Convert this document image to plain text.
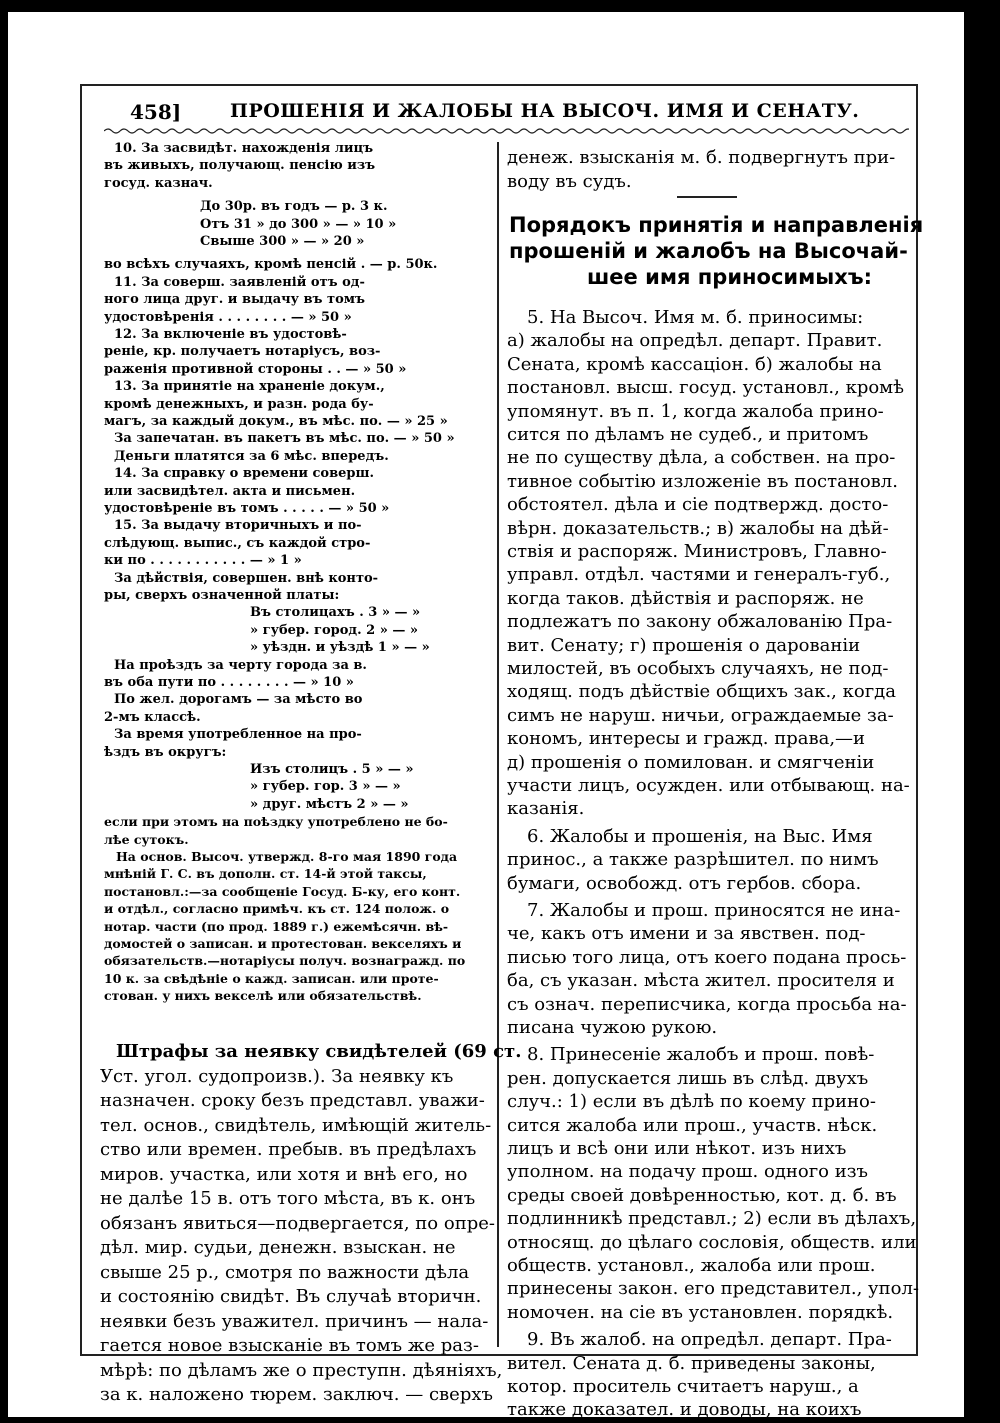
458]	ПРОШЕНІЯ И ЖАЛОБЫ НА ВЫСОЧ. ИМЯ И СЕНАТУ.
10. За засвидѣт. нахожденія лицъ
въ живыхъ, получающ. пенсію изъ
госуд. казнач.
До 30р. въ годъ — р. 3 к.
Отъ 31 » до 300 » — » 10 »
Свыше 300 » — » 20 »
во всѣхъ случаяхъ, кромѣ пенсій . — р. 50к.
11. За соверш. заявленій отъ од-
ного лица друг. и выдачу въ томъ
удостовѣренія . . . . . . . . — » 50 »
12. За включеніе въ удостовѣ-
реніе, кр. получаетъ нотаріусъ, воз-
раженія противной стороны . . — » 50 »
13. За принятіе на храненіе докум.,
кромѣ денежныхъ, и разн. рода бу-
магъ, за каждый докум., въ мѣс. по. — » 25 »
За запечатан. въ пакетъ въ мѣс. по. — » 50 »
Деньги платятся за 6 мѣс. впередъ.
14. За справку о времени соверш.
или засвидѣтел. акта и письмен.
удостовѣреніе въ томъ . . . . . — » 50 »
15. За выдачу вторичныхъ и по-
слѣдующ. выпис., съ каждой стро-
ки по . . . . . . . . . . . — » 1 »
За дѣйствія, совершен. внѣ конто-
ры, сверхъ означенной платы:
Въ столицахъ . 3 » — »
» губер. город. 2 » — »
» уѣздн. и уѣздѣ 1 » — »
На проѣздъ за черту города за в.
въ оба пути по . . . . . . . . — » 10 »
По жел. дорогамъ — за мѣсто во
2-мъ классѣ.
За время употребленное на про-
ѣздъ въ округъ:
Изъ столицъ . 5 » — »
» губер. гор. 3 » — »
» друг. мѣстъ 2 » — »
если при этомъ на поѣздку употреблено не бо-
лѣе сутокъ.
На основ. Высоч. утвержд. 8-го мая 1890 года
мнѣній Г. С. въ дополн. ст. 14-й этой таксы,
постановл.:—за сообщеніе Госуд. Б-ку, его конт.
и отдѣл., согласно примѣч. къ ст. 124 полож. о
нотар. части (по прод. 1889 г.) ежемѣсячн. вѣ-
домостей о записан. и протестован. векселяхъ и
обязательств.—нотаріусы получ. вознагражд. по
10 к. за свѣдѣніе о кажд. записан. или проте-
стован. у нихъ векселѣ или обязательствѣ.
Штрафы за неявку свидѣтелей (69 ст.
Уст. угол. судопроизв.). За неявку къ
назначен. сроку безъ представл. уважи-
тел. основ., свидѣтель, имѣющій житель-
ство или времен. пребыв. въ предѣлахъ
миров. участка, или хотя и внѣ его, но
не далѣе 15 в. отъ того мѣста, въ к. онъ
обязанъ явиться—подвергается, по опре-
дѣл. мир. судьи, денежн. взыскан. не
свыше 25 р., смотря по важности дѣла
и состоянію свидѣт. Въ случаѣ вторичн.
неявки безъ уважител. причинъ — нала-
гается новое взысканіе въ томъ же раз-
мѣрѣ: по дѣламъ же о преступн. дѣяніяхъ,
за к. наложено тюрем. заключ. — сверхъ
денеж. взысканія м. б. подвергнутъ при-
воду въ судъ.
Порядокъ принятія и направленія
прошеній и жалобъ на Высочай-
шее имя приносимыхъ:
5. На Высоч. Имя м. б. приносимы:
а) жалобы на опредѣл. департ. Правит.
Сената, кромѣ кассаціон. б) жалобы на
постановл. высш. госуд. установл., кромѣ
упомянут. въ п. 1, когда жалоба прино-
сится по дѣламъ не судеб., и притомъ
не по существу дѣла, а собствен. на про-
тивное событію изложеніе въ постановл.
обстоятел. дѣла и сіе подтвержд. досто-
вѣрн. доказательств.; в) жалобы на дѣй-
ствія и распоряж. Министровъ, Главно-
управл. отдѣл. частями и генералъ-губ.,
когда таков. дѣйствія и распоряж. не
подлежатъ по закону обжалованію Пра-
вит. Сенату; г) прошенія о дарованіи
милостей, въ особыхъ случаяхъ, не под-
ходящ. подъ дѣйствіе общихъ зак., когда
симъ не наруш. ничьи, ограждаемые за-
кономъ, интересы и гражд. права,—и
д) прошенія о помилован. и смягченіи
участи лицъ, осужден. или отбывающ. на-
казанія.
6. Жалобы и прошенія, на Выс. Имя
принос., а также разрѣшител. по нимъ
бумаги, освобожд. отъ гербов. сбора.
7. Жалобы и прош. приносятся не ина-
че, какъ отъ имени и за явствен. под-
писью того лица, отъ коего подана прось-
ба, съ указан. мѣста жител. просителя и
съ означ. переписчика, когда просьба на-
писана чужою рукою.
8. Принесеніе жалобъ и прош. повѣ-
рен. допускается лишь въ слѣд. двухъ
случ.: 1) если въ дѣлѣ по коему прино-
сится жалоба или прош., участв. нѣск.
лицъ и всѣ они или нѣкот. изъ нихъ
уполном. на подачу прош. одного изъ
среды своей довѣренностью, кот. д. б. въ
подлинникѣ представл.; 2) если въ дѣлахъ,
относящ. до цѣлаго сословія, обществ. или
обществ. установл., жалоба или прош.
принесены закон. его представител., упол-
номочен. на сіе въ установлен. порядкѣ.
9. Въ жалоб. на опредѣл. департ. Пра-
вител. Сената д. б. приведены законы,
котор. проситель считаетъ наруш., а
также доказател. и доводы, на коихъ
